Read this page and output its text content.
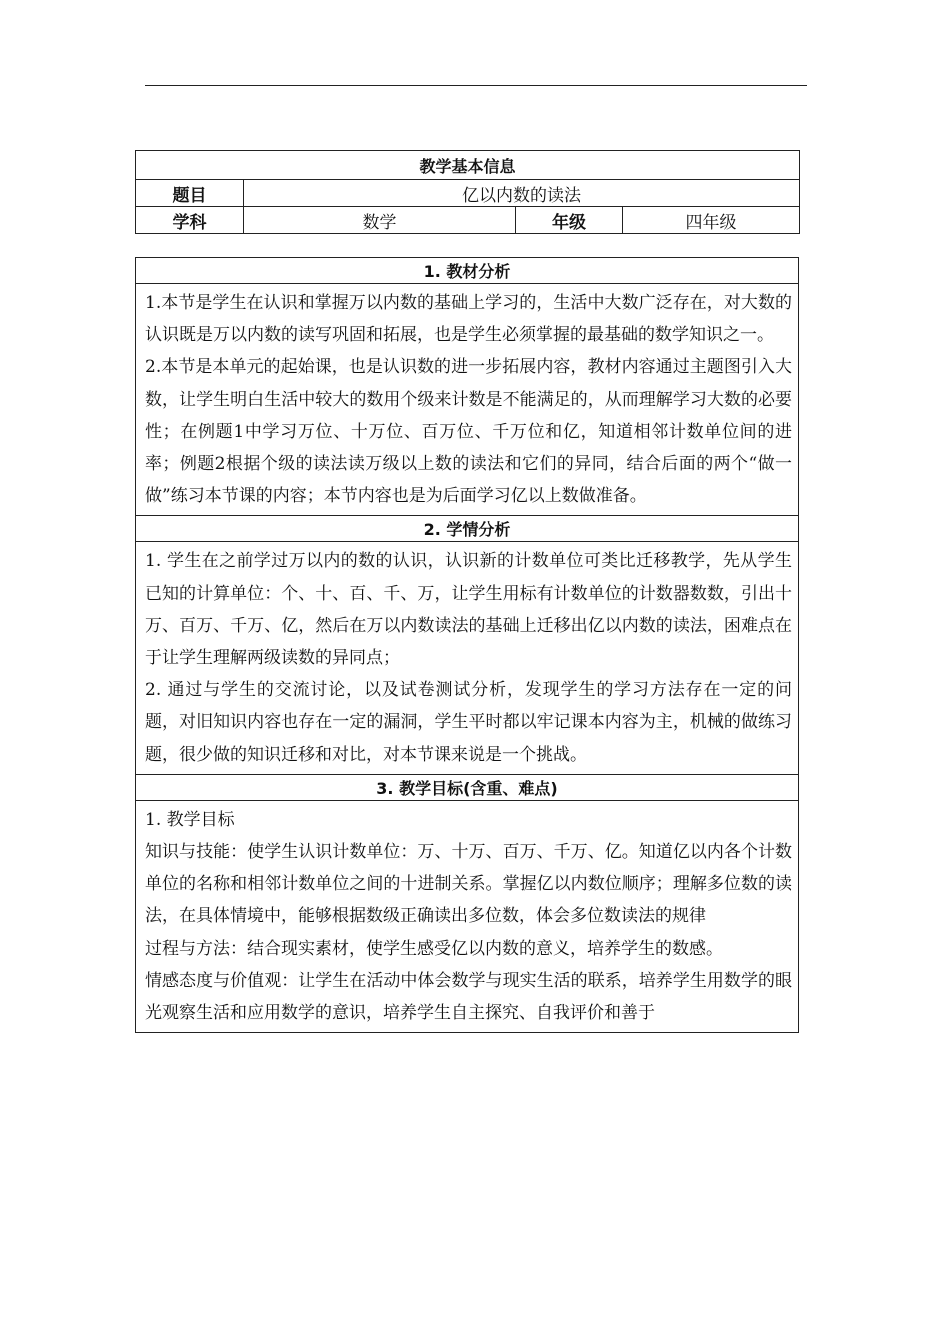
教学基本信息			
题目	亿以内数的读法		
学科	数学	年级	四年级
1. 教材分析

1.本节是学生在认识和掌握万以内数的基础上学习的，生活中大数广泛存在，对大数的认识既是万以内数的读写巩固和拓展，也是学生必须掌握的最基础的数学知识之一。

2.本节是本单元的起始课，也是认识数的进一步拓展内容，教材内容通过主题图引入大数，让学生明白生活中较大的数用个级来计数是不能满足的，从而理解学习大数的必要性；在例题1中学习万位、十万位、百万位、千万位和亿，知道相邻计数单位间的进率；例题2根据个级的读法读万级以上数的读法和它们的异同，结合后面的两个“做一做”练习本节课的内容；本节内容也是为后面学习亿以上数做准备。

2. 学情分析

1. 学生在之前学过万以内的数的认识，认识新的计数单位可类比迁移教学，先从学生已知的计算单位：个、十、百、千、万，让学生用标有计数单位的计数器数数，引出十万、百万、千万、亿，然后在万以内数读法的基础上迁移出亿以内数的读法，困难点在于让学生理解两级读数的异同点；

2. 通过与学生的交流讨论，以及试卷测试分析，发现学生的学习方法存在一定的问题，对旧知识内容也存在一定的漏洞，学生平时都以牢记课本内容为主，机械的做练习题，很少做的知识迁移和对比，对本节课来说是一个挑战。

3. 教学目标(含重、难点)

1. 教学目标

知识与技能：使学生认识计数单位：万、十万、百万、千万、亿。知道亿以内各个计数单位的名称和相邻计数单位之间的十进制关系。掌握亿以内数位顺序；理解多位数的读法，在具体情境中，能够根据数级正确读出多位数，体会多位数读法的规律

过程与方法：结合现实素材，使学生感受亿以内数的意义，培养学生的数感。

情感态度与价值观：让学生在活动中体会数学与现实生活的联系，培养学生用数学的眼光观察生活和应用数学的意识，培养学生自主探究、自我评价和善于
